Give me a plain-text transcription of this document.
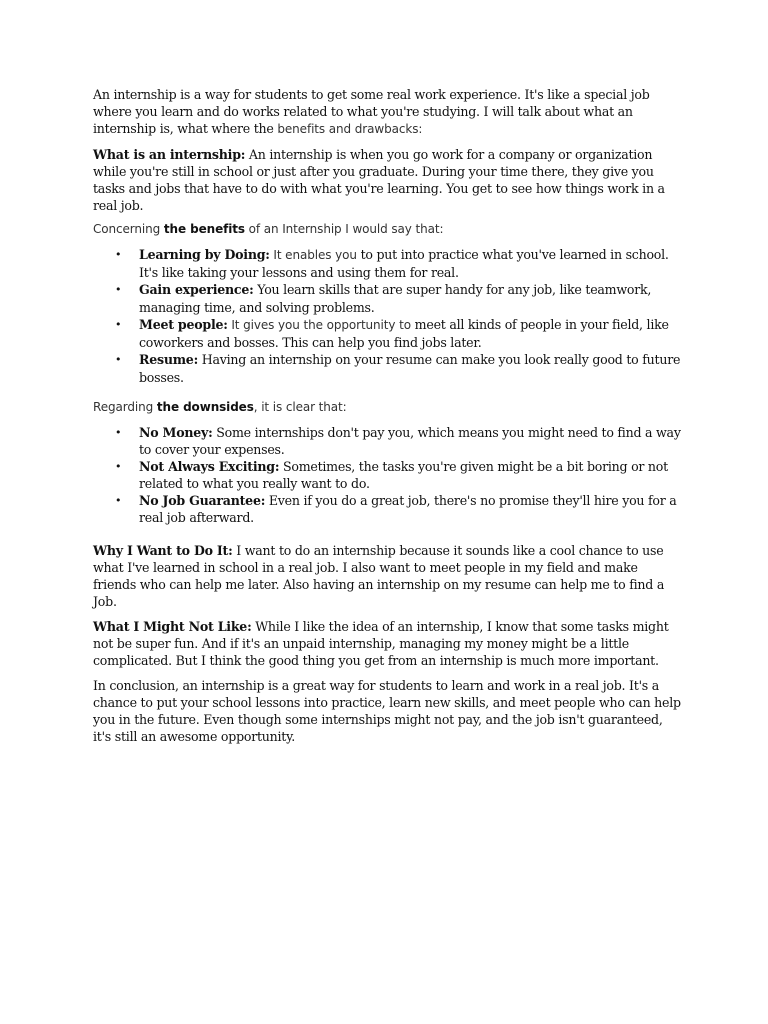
An internship is a way for students to get some real work experience. It's like a special job where you learn and do works related to what you're studying. I will talk about what an internship is, what where the benefits and drawbacks:

What is an internship: An internship is when you go work for a company or organization while you're still in school or just after you graduate. During your time there, they give you tasks and jobs that have to do with what you're learning. You get to see how things work in a real job.

Concerning the benefits of an Internship I would say that:

• Learning by Doing: It enables you to put into practice what you've learned in school. It's like taking your lessons and using them for real.
• Gain experience: You learn skills that are super handy for any job, like teamwork, managing time, and solving problems.
• Meet people: It gives you the opportunity to meet all kinds of people in your field, like coworkers and bosses. This can help you find jobs later.
• Resume: Having an internship on your resume can make you look really good to future bosses.

Regarding the downsides, it is clear that:

• No Money: Some internships don't pay you, which means you might need to find a way to cover your expenses.
• Not Always Exciting: Sometimes, the tasks you're given might be a bit boring or not related to what you really want to do.
• No Job Guarantee: Even if you do a great job, there's no promise they'll hire you for a real job afterward.

Why I Want to Do It: I want to do an internship because it sounds like a cool chance to use what I've learned in school in a real job. I also want to meet people in my field and make friends who can help me later. Also having an internship on my resume can help me to find a Job.

What I Might Not Like: While I like the idea of an internship, I know that some tasks might not be super fun. And if it's an unpaid internship, managing my money might be a little complicated. But I think the good thing you get from an internship is much more important.

In conclusion, an internship is a great way for students to learn and work in a real job. It's a chance to put your school lessons into practice, learn new skills, and meet people who can help you in the future. Even though some internships might not pay, and the job isn't guaranteed, it's still an awesome opportunity.
